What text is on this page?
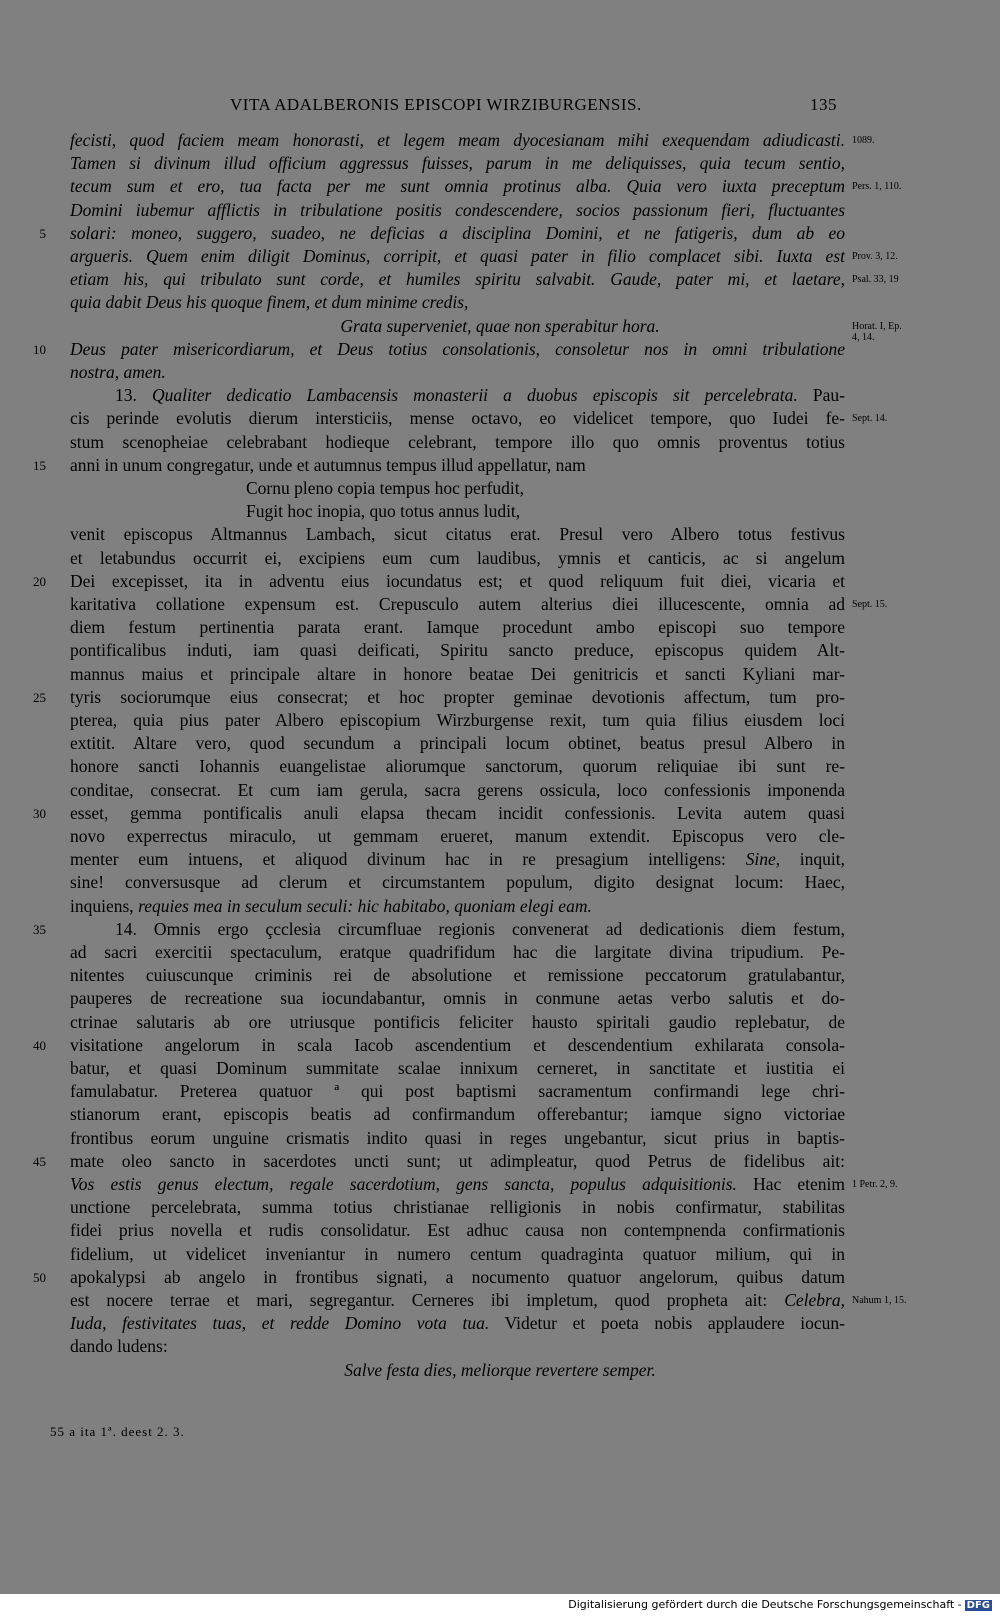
VITA ADALBERONIS EPISCOPI WIRZIBURGENSIS.	135
fecisti, quod faciem meam honorasti, et legem meam dyocesianam mihi exequendam adiudicasti.
Tamen si divinum illud officium aggressus fuisses, parum in me deliquisses, quia tecum sentio,
tecum sum et ero, tua facta per me sunt omnia protinus alba. Quia vero iuxta preceptum
Domini iubemur afflictis in tribulatione positis condescendere, socios passionum fieri, fluctuantes
solari: moneo, suggero, suadeo, ne deficias a disciplina Domini, et ne fatigeris, dum ab eo
5
argueris. Quem enim diligit Dominus, corripit, et quasi pater in filio complacet sibi. Iuxta est
etiam his, qui tribulato sunt corde, et humiles spiritu salvabit. Gaude, pater mi, et laetare,
quia dabit Deus his quoque finem, et dum minime credis,
Grata superveniet, quae non sperabitur hora.
Deus pater misericordiarum, et Deus totius consolationis, consoletur nos in omni tribulatione
10
nostra, amen.
13. Qualiter dedicatio Lambacensis monasterii a duobus episcopis sit percelebrata. Pau-
cis perinde evolutis dierum intersticiis, mense octavo, eo videlicet tempore, quo Iudei fe-
stum scenopheiae celebrabant hodieque celebrant, tempore illo quo omnis proventus totius
anni in unum congregatur, unde et autumnus tempus illud appellatur, nam
15
Cornu pleno copia tempus hoc perfudit,
Fugit hoc inopia, quo totus annus ludit,
venit episcopus Altmannus Lambach, sicut citatus erat. Presul vero Albero totus festivus
et letabundus occurrit ei, excipiens eum cum laudibus, ymnis et canticis, ac si angelum
Dei excepisset, ita in adventu eius iocundatus est; et quod reliquum fuit diei, vicaria et
20
karitativa collatione expensum est. Crepusculo autem alterius diei illucescente, omnia ad
diem festum pertinentia parata erant. Iamque procedunt ambo episcopi suo tempore
pontificalibus induti, iam quasi deificati, Spiritu sancto preduce, episcopus quidem Alt-
mannus maius et principale altare in honore beatae Dei genitricis et sancti Kyliani mar-
tyris sociorumque eius consecrat; et hoc propter geminae devotionis affectum, tum pro-
25
pterea, quia pius pater Albero episcopium Wirzburgense rexit, tum quia filius eiusdem loci
extitit. Altare vero, quod secundum a principali locum obtinet, beatus presul Albero in
honore sancti Iohannis euangelistae aliorumque sanctorum, quorum reliquiae ibi sunt re-
conditae, consecrat. Et cum iam gerula, sacra gerens ossicula, loco confessionis imponenda
esset, gemma pontificalis anuli elapsa thecam incidit confessionis. Levita autem quasi
30
novo experrectus miraculo, ut gemmam erueret, manum extendit. Episcopus vero cle-
menter eum intuens, et aliquod divinum hac in re presagium intelligens: Sine, inquit,
sine! conversusque ad clerum et circumstantem populum, digito designat locum: Haec,
inquiens, requies mea in seculum seculi: hic habitabo, quoniam elegi eam.
14. Omnis ergo çcclesia circumfluae regionis convenerat ad dedicationis diem festum,
35
ad sacri exercitii spectaculum, eratque quadrifidum hac die largitate divina tripudium. Pe-
nitentes cuiuscunque criminis rei de absolutione et remissione peccatorum gratulabantur,
pauperes de recreatione sua iocundabantur, omnis in conmune aetas verbo salutis et do-
ctrinae salutaris ab ore utriusque pontificis feliciter hausto spiritali gaudio replebatur, de
visitatione angelorum in scala Iacob ascendentium et descendentium exhilarata consola-
40
batur, et quasi Dominum summitate scalae innixum cerneret, in sanctitate et iustitia ei
famulabatur. Preterea quatuor ª qui post baptismi sacramentum confirmandi lege chri-
stianorum erant, episcopis beatis ad confirmandum offerebantur; iamque signo victoriae
frontibus eorum unguine crismatis indito quasi in reges ungebantur, sicut prius in baptis-
mate oleo sancto in sacerdotes uncti sunt; ut adimpleatur, quod Petrus de fidelibus ait:
45
Vos estis genus electum, regale sacerdotium, gens sancta, populus adquisitionis. Hac etenim
unctione percelebrata, summa totius christianae relligionis in nobis confirmatur, stabilitas
fidei prius novella et rudis consolidatur. Est adhuc causa non contempnenda confirmationis
fidelium, ut videlicet inveniantur in numero centum quadraginta quatuor milium, qui in
apokalypsi ab angelo in frontibus signati, a nocumento quatuor angelorum, quibus datum
50
est nocere terrae et mari, segregantur. Cerneres ibi impletum, quod propheta ait: Celebra,
Iuda, festivitates tuas, et redde Domino vota tua. Videtur et poeta nobis applaudere iocun-
dando ludens:
Salve festa dies, meliorque revertere semper.
1089.
Pers. 1, 110.
Prov. 3, 12.
Psal. 33, 19
Horat. I, Ep.
4, 14.
Sept. 14.
Sept. 15.
1 Petr. 2, 9.
Nahum 1, 15.
55 a ita 1ª. deest 2. 3.
Digitalisierung gefördert durch die Deutsche Forschungsgemeinschaft - DFG
